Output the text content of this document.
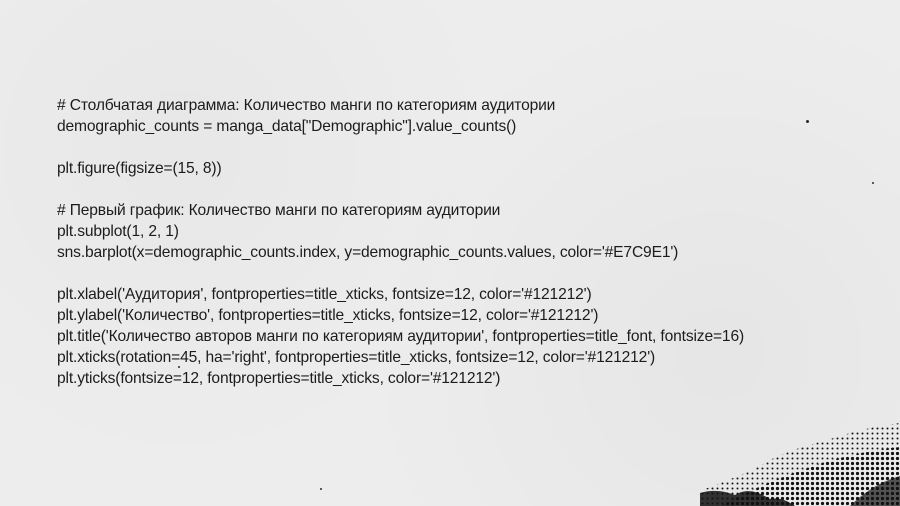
# Столбчатая диаграмма: Количество манги по категориям аудитории
demographic_counts = manga_data["Demographic"].value_counts()
plt.figure(figsize=(15, 8))
# Первый график: Количество манги по категориям аудитории
plt.subplot(1, 2, 1)
sns.barplot(x=demographic_counts.index, y=demographic_counts.values, color='#E7C9E1')
plt.xlabel('Аудитория', fontproperties=title_xticks, fontsize=12, color='#121212')
plt.ylabel('Количество', fontproperties=title_xticks, fontsize=12, color='#121212')
plt.title('Количество авторов манги по категориям аудитории', fontproperties=title_font, fontsize=16)
plt.xticks(rotation=45, ha='right', fontproperties=title_xticks, fontsize=12, color='#121212')
plt.yticks(fontsize=12, fontproperties=title_xticks, color='#121212')
